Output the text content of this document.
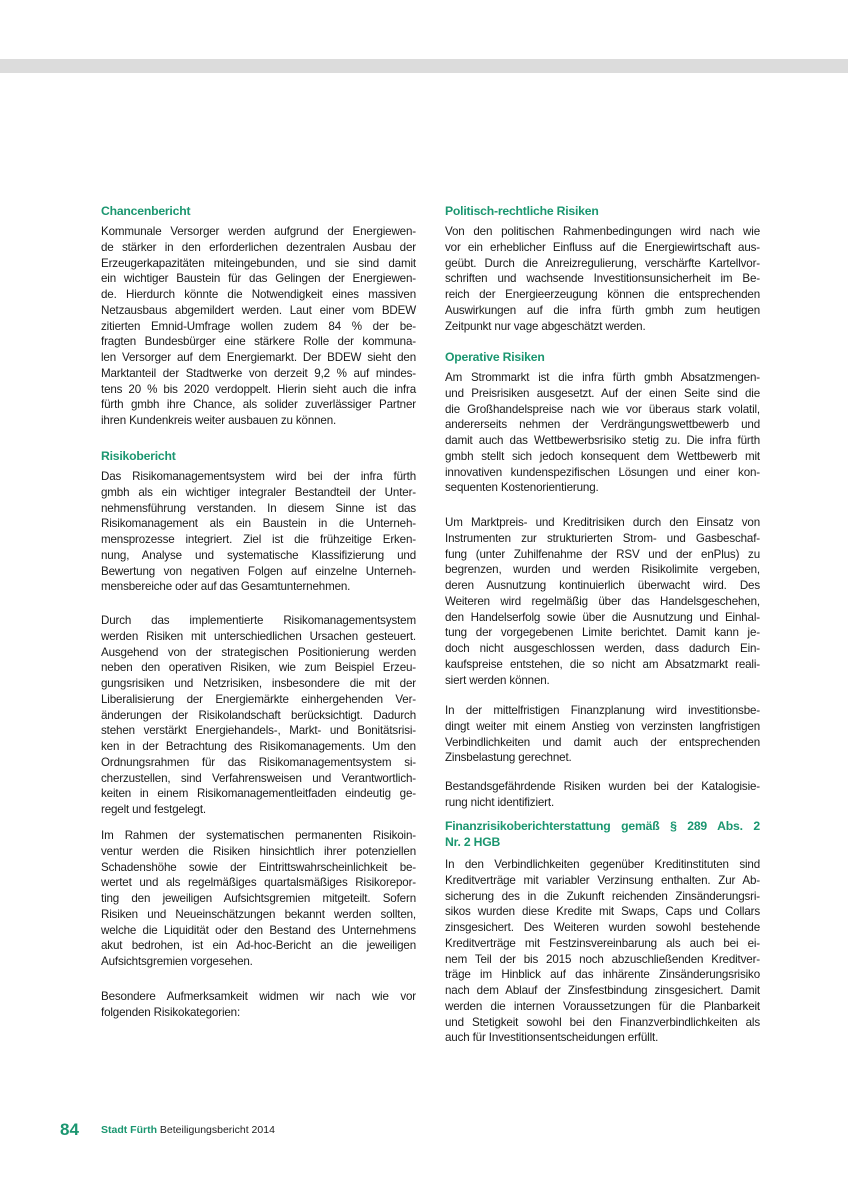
Chancenbericht
Kommunale Versorger werden aufgrund der Energiewen-
de stärker in den erforderlichen dezentralen Ausbau der
Erzeugerkapazitäten miteingebunden, und sie sind damit
ein wichtiger Baustein für das Gelingen der Energiewen-
de. Hierdurch könnte die Notwendigkeit eines massiven
Netzausbaus abgemildert werden. Laut einer vom BDEW
zitierten Emnid-Umfrage wollen zudem 84 % der be-
fragten Bundesbürger eine stärkere Rolle der kommuna-
len Versorger auf dem Energiemarkt. Der BDEW sieht den
Marktanteil der Stadtwerke von derzeit 9,2 % auf mindes-
tens 20 % bis 2020 verdoppelt. Hierin sieht auch die infra
fürth gmbh ihre Chance, als solider zuverlässiger Partner
ihren Kundenkreis weiter ausbauen zu können.
Risikobericht
Das Risikomanagementsystem wird bei der infra fürth
gmbh als ein wichtiger integraler Bestandteil der Unter-
nehmensführung verstanden. In diesem Sinne ist das
Risikomanagement als ein Baustein in die Unterneh-
mensprozesse integriert. Ziel ist die frühzeitige Erken-
nung, Analyse und systematische Klassifizierung und
Bewertung von negativen Folgen auf einzelne Unterneh-
mensbereiche oder auf das Gesamtunternehmen.
Durch das implementierte Risikomanagementsystem
werden Risiken mit unterschiedlichen Ursachen gesteuert.
Ausgehend von der strategischen Positionierung werden
neben den operativen Risiken, wie zum Beispiel Erzeu-
gungsrisiken und Netzrisiken, insbesondere die mit der
Liberalisierung der Energiemärkte einhergehenden Ver-
änderungen der Risikolandschaft berücksichtigt. Dadurch
stehen verstärkt Energiehandels-, Markt- und Bonitätsrisi-
ken in der Betrachtung des Risikomanagements. Um den
Ordnungsrahmen für das Risikomanagementsystem si-
cherzustellen, sind Verfahrensweisen und Verantwortlich-
keiten in einem Risikomanagementleitfaden eindeutig ge-
regelt und festgelegt.
Im Rahmen der systematischen permanenten Risikoin-
ventur werden die Risiken hinsichtlich ihrer potenziellen
Schadenshöhe sowie der Eintrittswahrscheinlichkeit be-
wertet und als regelmäßiges quartalsmäßiges Risikorepor-
ting den jeweiligen Aufsichtsgremien mitgeteilt. Sofern
Risiken und Neueinschätzungen bekannt werden sollten,
welche die Liquidität oder den Bestand des Unternehmens
akut bedrohen, ist ein Ad-hoc-Bericht an die jeweiligen
Aufsichtsgremien vorgesehen.
Besondere Aufmerksamkeit widmen wir nach wie vor
folgenden Risikokategorien:
Politisch-rechtliche Risiken
Von den politischen Rahmenbedingungen wird nach wie
vor ein erheblicher Einfluss auf die Energiewirtschaft aus-
geübt. Durch die Anreizregulierung, verschärfte Kartellvor-
schriften und wachsende Investitionsunsicherheit im Be-
reich der Energieerzeugung können die entsprechenden
Auswirkungen auf die infra fürth gmbh zum heutigen
Zeitpunkt nur vage abgeschätzt werden.
Operative Risiken
Am Strommarkt ist die infra fürth gmbh Absatzmengen-
und Preisrisiken ausgesetzt. Auf der einen Seite sind die
die Großhandelspreise nach wie vor überaus stark volatil,
andererseits nehmen der Verdrängungswettbewerb und
damit auch das Wettbewerbsrisiko stetig zu. Die infra fürth
gmbh stellt sich jedoch konsequent dem Wettbewerb mit
innovativen kundenspezifischen Lösungen und einer kon-
sequenten Kostenorientierung.
Um Marktpreis- und Kreditrisiken durch den Einsatz von
Instrumenten zur strukturierten Strom- und Gasbeschaf-
fung (unter Zuhilfenahme der RSV und der enPlus) zu
begrenzen, wurden und werden Risikolimite vergeben,
deren Ausnutzung kontinuierlich überwacht wird. Des
Weiteren wird regelmäßig über das Handelsgeschehen,
den Handelserfolg sowie über die Ausnutzung und Einhal-
tung der vorgegebenen Limite berichtet. Damit kann je-
doch nicht ausgeschlossen werden, dass dadurch Ein-
kaufspreise entstehen, die so nicht am Absatzmarkt reali-
siert werden können.
In der mittelfristigen Finanzplanung wird investitionsbe-
dingt weiter mit einem Anstieg von verzinsten langfristigen
Verbindlichkeiten und damit auch der entsprechenden
Zinsbelastung gerechnet.
Bestandsgefährdende Risiken wurden bei der Katalogisie-
rung nicht identifiziert.
Finanzrisikoberichterstattung gemäß § 289 Abs. 2
Nr. 2 HGB
In den Verbindlichkeiten gegenüber Kreditinstituten sind
Kreditverträge mit variabler Verzinsung enthalten. Zur Ab-
sicherung des in die Zukunft reichenden Zinsänderungsri-
sikos wurden diese Kredite mit Swaps, Caps und Collars
zinsgesichert. Des Weiteren wurden sowohl bestehende
Kreditverträge mit Festzinsvereinbarung als auch bei ei-
nem Teil der bis 2015 noch abzuschließenden Kreditver-
träge im Hinblick auf das inhärente Zinsänderungsrisiko
nach dem Ablauf der Zinsfestbindung zinsgesichert. Damit
werden die internen Voraussetzungen für die Planbarkeit
und Stetigkeit sowohl bei den Finanzverbindlichkeiten als
auch für Investitionsentscheidungen erfüllt.
84 Stadt Fürth Beteiligungsbericht 2014
